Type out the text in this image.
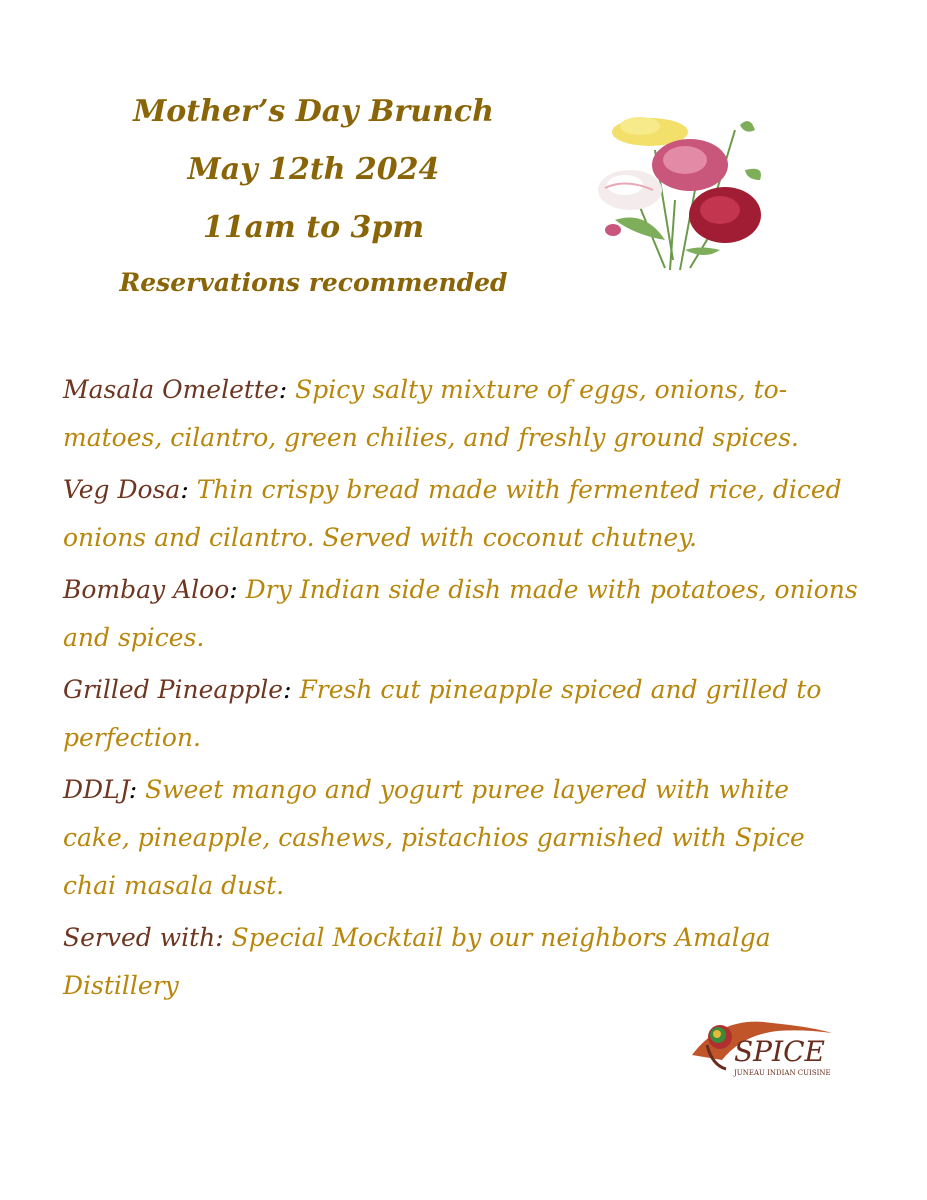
Mother’s Day Brunch
May 12th 2024
11am to 3pm
Reservations recommended
Masala Omelette: Spicy salty mixture of eggs, onions, to-matoes, cilantro, green chilies, and freshly ground spices.
Veg Dosa: Thin crispy bread made with fermented rice, diced onions and cilantro. Served with coconut chutney.
Bombay Aloo: Dry Indian side dish made with potatoes, onions and spices.
Grilled Pineapple: Fresh cut pineapple spiced and grilled to perfection.
DDLJ: Sweet mango and yogurt puree layered with white cake, pineapple, cashews, pistachios garnished with Spice chai masala dust.
Served with: Special Mocktail by our neighbors Amalga Distillery
SPICE
JUNEAU INDIAN CUISINE
